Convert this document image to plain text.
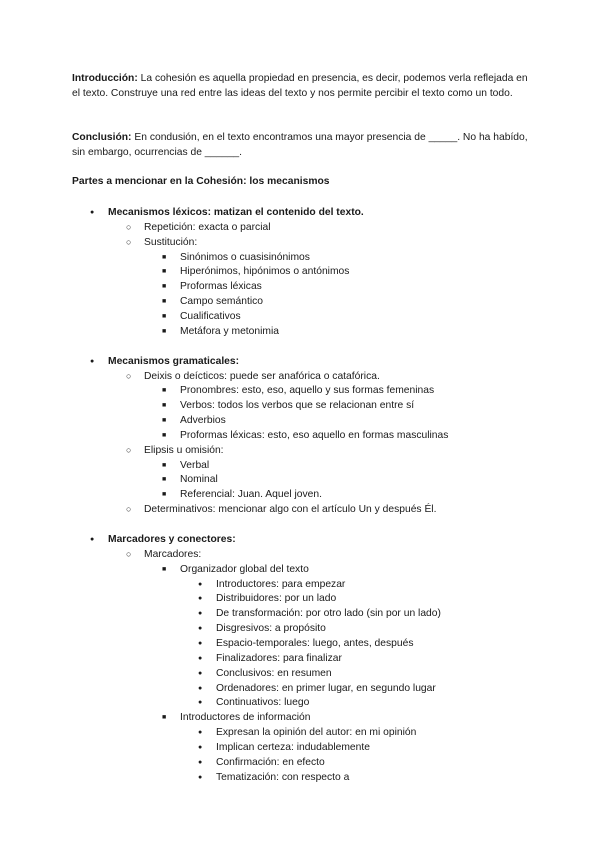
Introducción: La cohesión es aquella propiedad en presencia, es decir, podemos verla reflejada en el texto. Construye una red entre las ideas del texto y nos permite percibir el texto como un todo.

Conclusión: En condusión, en el texto encontramos una mayor presencia de _____. No ha habído, sin embargo, ocurrencias de ______.

Partes a mencionar en la Cohesión: los mecanismos

●Mecanismos léxicos: matizan el contenido del texto.
○Repetición: exacta o parcial
○Sustitución:
■Sinónimos o cuasisinónimos
■Hiperónimos, hipónimos o antónimos
■Proformas léxicas
■Campo semántico
■Cualificativos
■Metáfora y metonimia
●Mecanismos gramaticales:
○Deixis o deícticos: puede ser anafórica o catafórica.
■Pronombres: esto, eso, aquello y sus formas femeninas
■Verbos: todos los verbos que se relacionan entre sí
■Adverbios
■Proformas léxicas: esto, eso aquello en formas masculinas
○Elipsis u omisión:
■Verbal
■Nominal
■Referencial: Juan. Aquel joven.
○Determinativos: mencionar algo con el artículo Un y después Él.
●Marcadores y conectores:
○Marcadores:
■Organizador global del texto
●Introductores: para empezar
●Distribuidores: por un lado
●De transformación: por otro lado (sin por un lado)
●Disgresivos: a propósito
●Espacio-temporales: luego, antes, después
●Finalizadores: para finalizar
●Conclusivos: en resumen
●Ordenadores: en primer lugar, en segundo lugar
●Continuativos: luego
■Introductores de información
●Expresan la opinión del autor: en mi opinión
●Implican certeza: indudablemente
●Confirmación: en efecto
●Tematización: con respecto a
